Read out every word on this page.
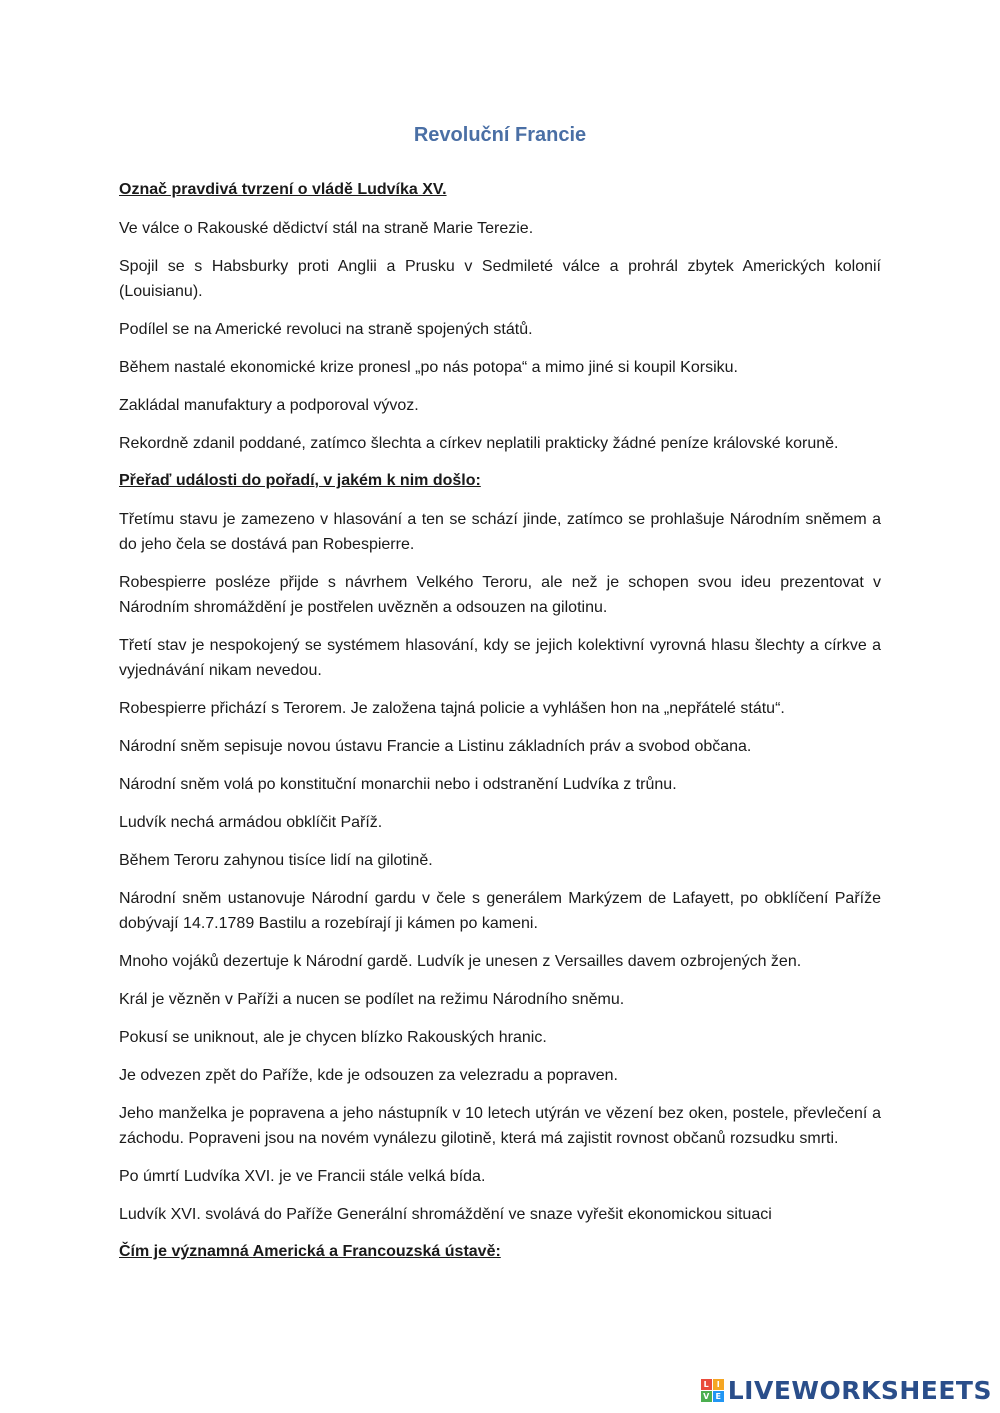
Revoluční Francie
Označ pravdivá tvrzení o vládě Ludvíka XV.

Ve válce o Rakouské dědictví stál na straně Marie Terezie.

Spojil se s Habsburky proti Anglii a Prusku v Sedmileté válce a prohrál zbytek Amerických kolonií (Louisianu).

Podílel se na Americké revoluci na straně spojených států.

Během nastalé ekonomické krize pronesl „po nás potopa“ a mimo jiné si koupil Korsiku.

Zakládal manufaktury a podporoval vývoz.

Rekordně zdanil poddané, zatímco šlechta a církev neplatili prakticky žádné peníze královské koruně.

Přeřaď události do pořadí, v jakém k nim došlo:

Třetímu stavu je zamezeno v hlasování a ten se schází jinde, zatímco se prohlašuje Národním sněmem a do jeho čela se dostává pan Robespierre.

Robespierre posléze přijde s návrhem Velkého Teroru, ale než je schopen svou ideu prezentovat v Národním shromáždění je postřelen uvězněn a odsouzen na gilotinu.

Třetí stav je nespokojený se systémem hlasování, kdy se jejich kolektivní vyrovná hlasu šlechty a církve a vyjednávání nikam nevedou.

Robespierre přichází s Terorem. Je založena tajná policie a vyhlášen hon na „nepřátelé státu“.

Národní sněm sepisuje novou ústavu Francie a Listinu základních práv a svobod občana.

Národní sněm volá po konstituční monarchii nebo i odstranění Ludvíka z trůnu.

Ludvík nechá armádou obklíčit Paříž.

Během Teroru zahynou tisíce lidí na gilotině.

Národní sněm ustanovuje Národní gardu v čele s generálem Markýzem de Lafayett, po obklíčení Paříže dobývají 14.7.1789 Bastilu a rozebírají ji kámen po kameni.

Mnoho vojáků dezertuje k Národní gardě. Ludvík je unesen z Versailles davem ozbrojených žen.

Král je vězněn v Paříži a nucen se podílet na režimu Národního sněmu.

Pokusí se uniknout, ale je chycen blízko Rakouských hranic.

Je odvezen zpět do Paříže, kde je odsouzen za velezradu a popraven.

Jeho manželka je popravena a jeho nástupník v 10 letech utýrán ve vězení bez oken, postele, převlečení a záchodu. Popraveni jsou na novém vynálezu gilotině, která má zajistit rovnost občanů rozsudku smrti.

Po úmrtí Ludvíka XVI. je ve Francii stále velká bída.

Ludvík XVI. svolává do Paříže Generální shromáždění ve snaze vyřešit ekonomickou situaci

Čím je významná Americká a Francouzská ústavě:
L I
V E LIVEWORKSHEETS
